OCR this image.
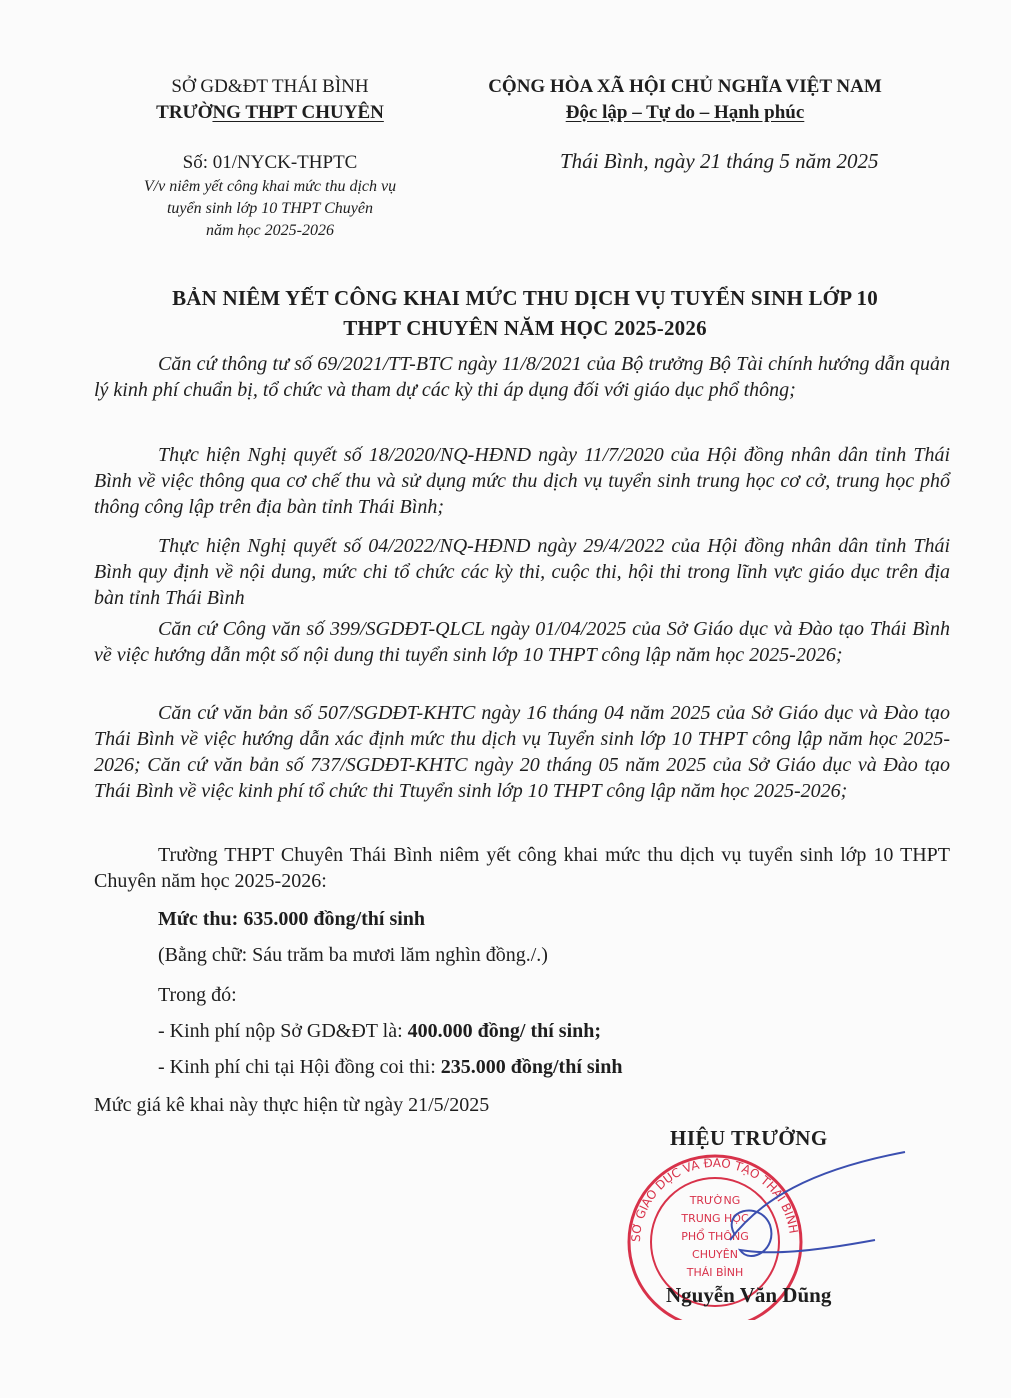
SỞ GD&ĐT THÁI BÌNH
TRƯỜNG THPT CHUYÊN
Số: 01/NYCK-THPTC
V/v niêm yết công khai mức thu dịch vụ
tuyển sinh lớp 10 THPT Chuyên
năm học 2025-2026
CỘNG HÒA XÃ HỘI CHỦ NGHĨA VIỆT NAM
Độc lập – Tự do – Hạnh phúc
Thái Bình, ngày 21 tháng 5 năm 2025
BẢN NIÊM YẾT CÔNG KHAI MỨC THU DỊCH VỤ TUYỂN SINH LỚP 10
THPT CHUYÊN NĂM HỌC 2025-2026
Căn cứ thông tư số 69/2021/TT-BTC ngày 11/8/2021 của Bộ trưởng Bộ Tài chính hướng dẫn quản lý kinh phí chuẩn bị, tổ chức và tham dự các kỳ thi áp dụng đối với giáo dục phổ thông;
Thực hiện Nghị quyết số 18/2020/NQ-HĐND ngày 11/7/2020 của Hội đồng nhân dân tỉnh Thái Bình về việc thông qua cơ chế thu và sử dụng mức thu dịch vụ tuyển sinh trung học cơ cở, trung học phổ thông công lập trên địa bàn tỉnh Thái Bình;
Thực hiện Nghị quyết số 04/2022/NQ-HĐND ngày 29/4/2022 của Hội đồng nhân dân tỉnh Thái Bình quy định về nội dung, mức chi tổ chức các kỳ thi, cuộc thi, hội thi trong lĩnh vực giáo dục trên địa bàn tỉnh Thái Bình
Căn cứ Công văn số 399/SGDĐT-QLCL ngày 01/04/2025 của Sở Giáo dục và Đào tạo Thái Bình về việc hướng dẫn một số nội dung thi tuyển sinh lớp 10 THPT công lập năm học 2025-2026;
Căn cứ văn bản số 507/SGDĐT-KHTC ngày 16 tháng 04 năm 2025 của Sở Giáo dục và Đào tạo Thái Bình về việc hướng dẫn xác định mức thu dịch vụ Tuyển sinh lớp 10 THPT công lập năm học 2025-2026; Căn cứ văn bản số 737/SGDĐT-KHTC ngày 20 tháng 05 năm 2025 của Sở Giáo dục và Đào tạo Thái Bình về việc kinh phí tổ chức thi Ttuyển sinh lớp 10 THPT công lập năm học 2025-2026;
Trường THPT Chuyên Thái Bình niêm yết công khai mức thu dịch vụ tuyển sinh lớp 10 THPT Chuyên năm học 2025-2026:
Mức thu: 635.000 đồng/thí sinh
(Bằng chữ: Sáu trăm ba mươi lăm nghìn đồng./.)
Trong đó:
- Kinh phí nộp Sở GD&ĐT là: 400.000 đồng/ thí sinh;
- Kinh phí chi tại Hội đồng coi thi: 235.000 đồng/thí sinh
Mức giá kê khai này thực hiện từ ngày 21/5/2025
HIỆU TRƯỞNG
SỞ GIÁO DỤC VÀ ĐÀO TẠO THÁI BÌNH
TRƯỜNG
TRUNG HỌC
PHỔ THÔNG
CHUYÊN
THÁI BÌNH
Nguyễn Văn Dũng
